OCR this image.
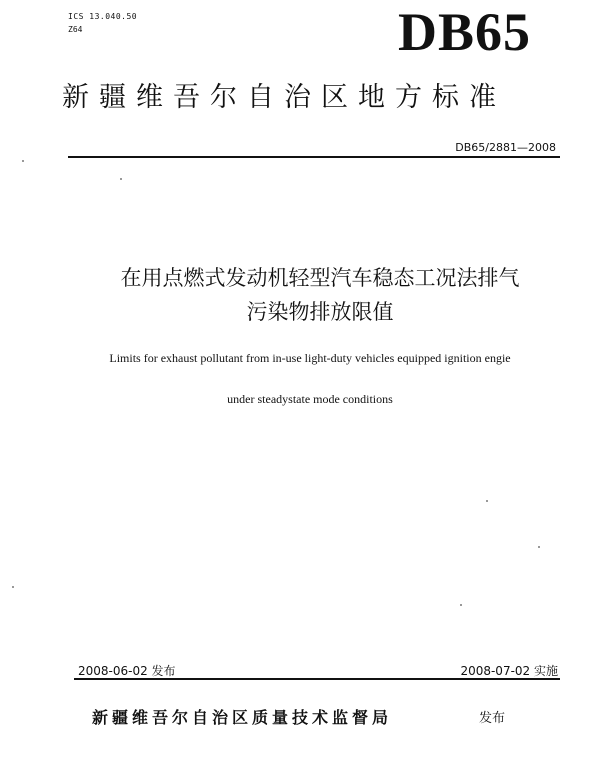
ICS 13.040.50
Z64	DB65
新疆维吾尔自治区地方标准
DB65/2881—2008
在用点燃式发动机轻型汽车稳态工况法排气
污染物排放限值
Limits for exhaust pollutant from in-use light-duty vehicles equipped ignition engie
under steadystate mode conditions
2008-06-02 发布	2008-07-02 实施
新疆维吾尔自治区质量技术监督局	发布
